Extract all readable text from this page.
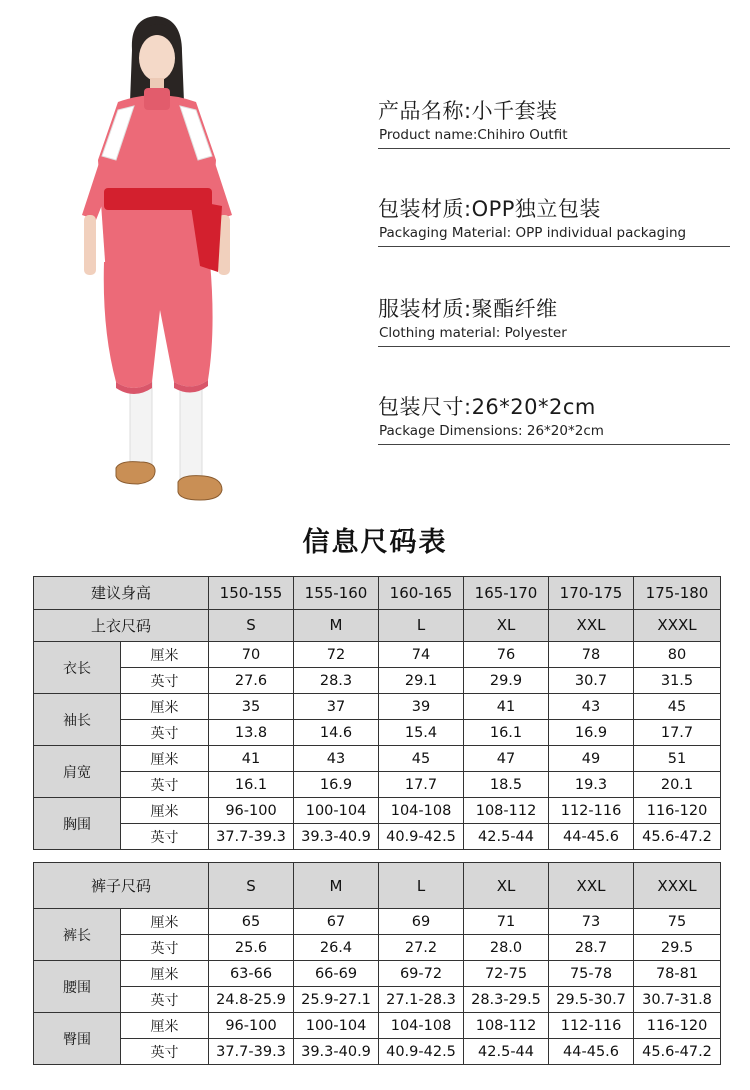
产品名称:小千套装
Product name:Chihiro Outfit
包装材质:OPP独立包装
Packaging Material: OPP individual packaging
服装材质:聚酯纤维
Clothing material: Polyester
包装尺寸:26*20*2cm
Package Dimensions: 26*20*2cm
信息尺码表
建议身高		150-155	155-160	160-165	165-170	170-175	175-180
上衣尺码		S	M	L	XL	XXL	XXXL
衣长	厘米	70	72	74	76	78	80
	英寸	27.6	28.3	29.1	29.9	30.7	31.5
袖长	厘米	35	37	39	41	43	45
	英寸	13.8	14.6	15.4	16.1	16.9	17.7
肩宽	厘米	41	43	45	47	49	51
	英寸	16.1	16.9	17.7	18.5	19.3	20.1
胸围	厘米	96-100	100-104	104-108	108-112	112-116	116-120
	英寸	37.7-39.3	39.3-40.9	40.9-42.5	42.5-44	44-45.6	45.6-47.2
裤子尺码		S	M	L	XL	XXL	XXXL
裤长	厘米	65	67	69	71	73	75
	英寸	25.6	26.4	27.2	28.0	28.7	29.5
腰围	厘米	63-66	66-69	69-72	72-75	75-78	78-81
	英寸	24.8-25.9	25.9-27.1	27.1-28.3	28.3-29.5	29.5-30.7	30.7-31.8
臀围	厘米	96-100	100-104	104-108	108-112	112-116	116-120
	英寸	37.7-39.3	39.3-40.9	40.9-42.5	42.5-44	44-45.6	45.6-47.2
